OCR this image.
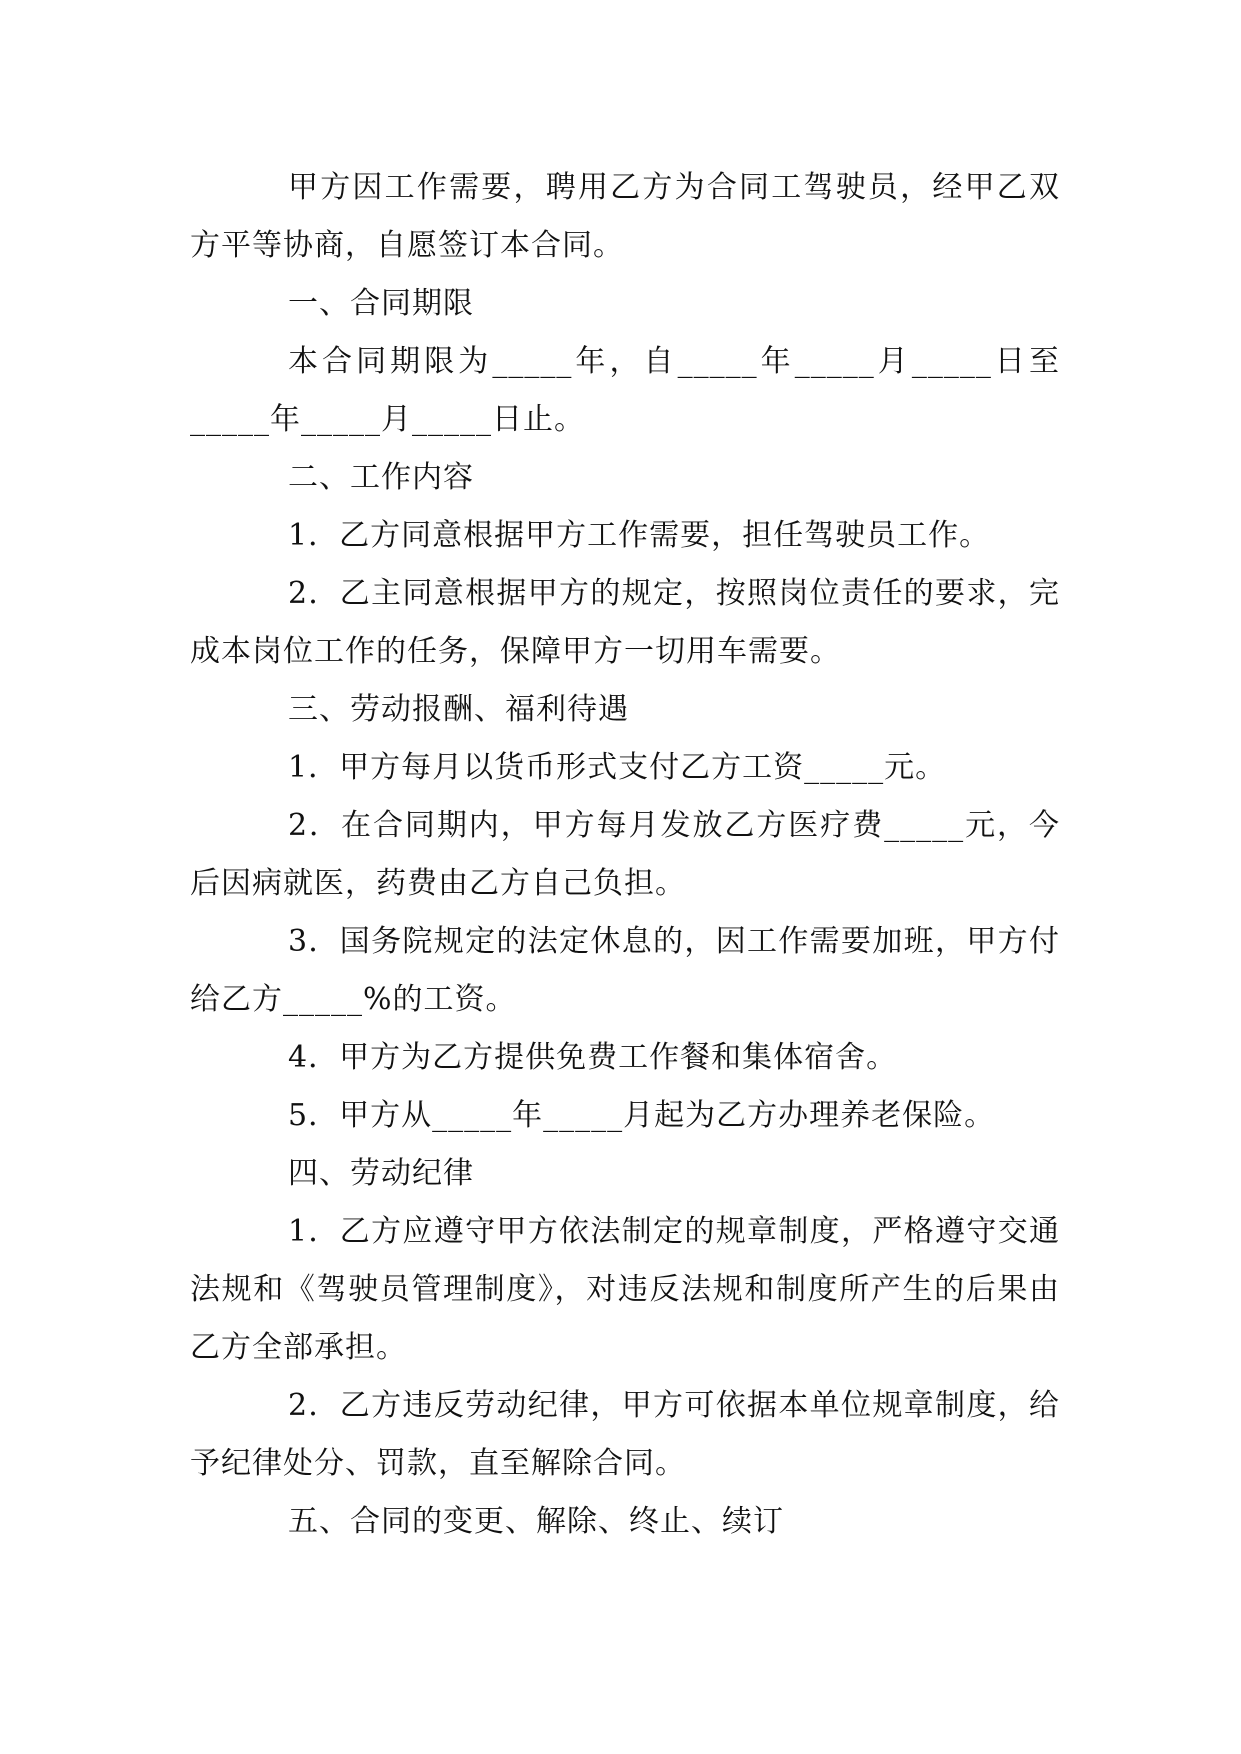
甲方因工作需要，聘用乙方为合同工驾驶员，经甲乙双方平等协商，自愿签订本合同。

一、合同期限

本合同期限为_____年，自_____年_____月_____日至_____年_____月_____日止。

二、工作内容

1．乙方同意根据甲方工作需要，担任驾驶员工作。

2．乙主同意根据甲方的规定，按照岗位责任的要求，完成本岗位工作的任务，保障甲方一切用车需要。

三、劳动报酬、福利待遇

1．甲方每月以货币形式支付乙方工资_____元。

2．在合同期内，甲方每月发放乙方医疗费_____元，今后因病就医，药费由乙方自己负担。

3．国务院规定的法定休息的，因工作需要加班，甲方付给乙方_____%的工资。

4．甲方为乙方提供免费工作餐和集体宿舍。

5．甲方从_____年_____月起为乙方办理养老保险。

四、劳动纪律

1．乙方应遵守甲方依法制定的规章制度，严格遵守交通法规和《驾驶员管理制度》，对违反法规和制度所产生的后果由乙方全部承担。

2．乙方违反劳动纪律，甲方可依据本单位规章制度，给予纪律处分、罚款，直至解除合同。

五、合同的变更、解除、终止、续订
